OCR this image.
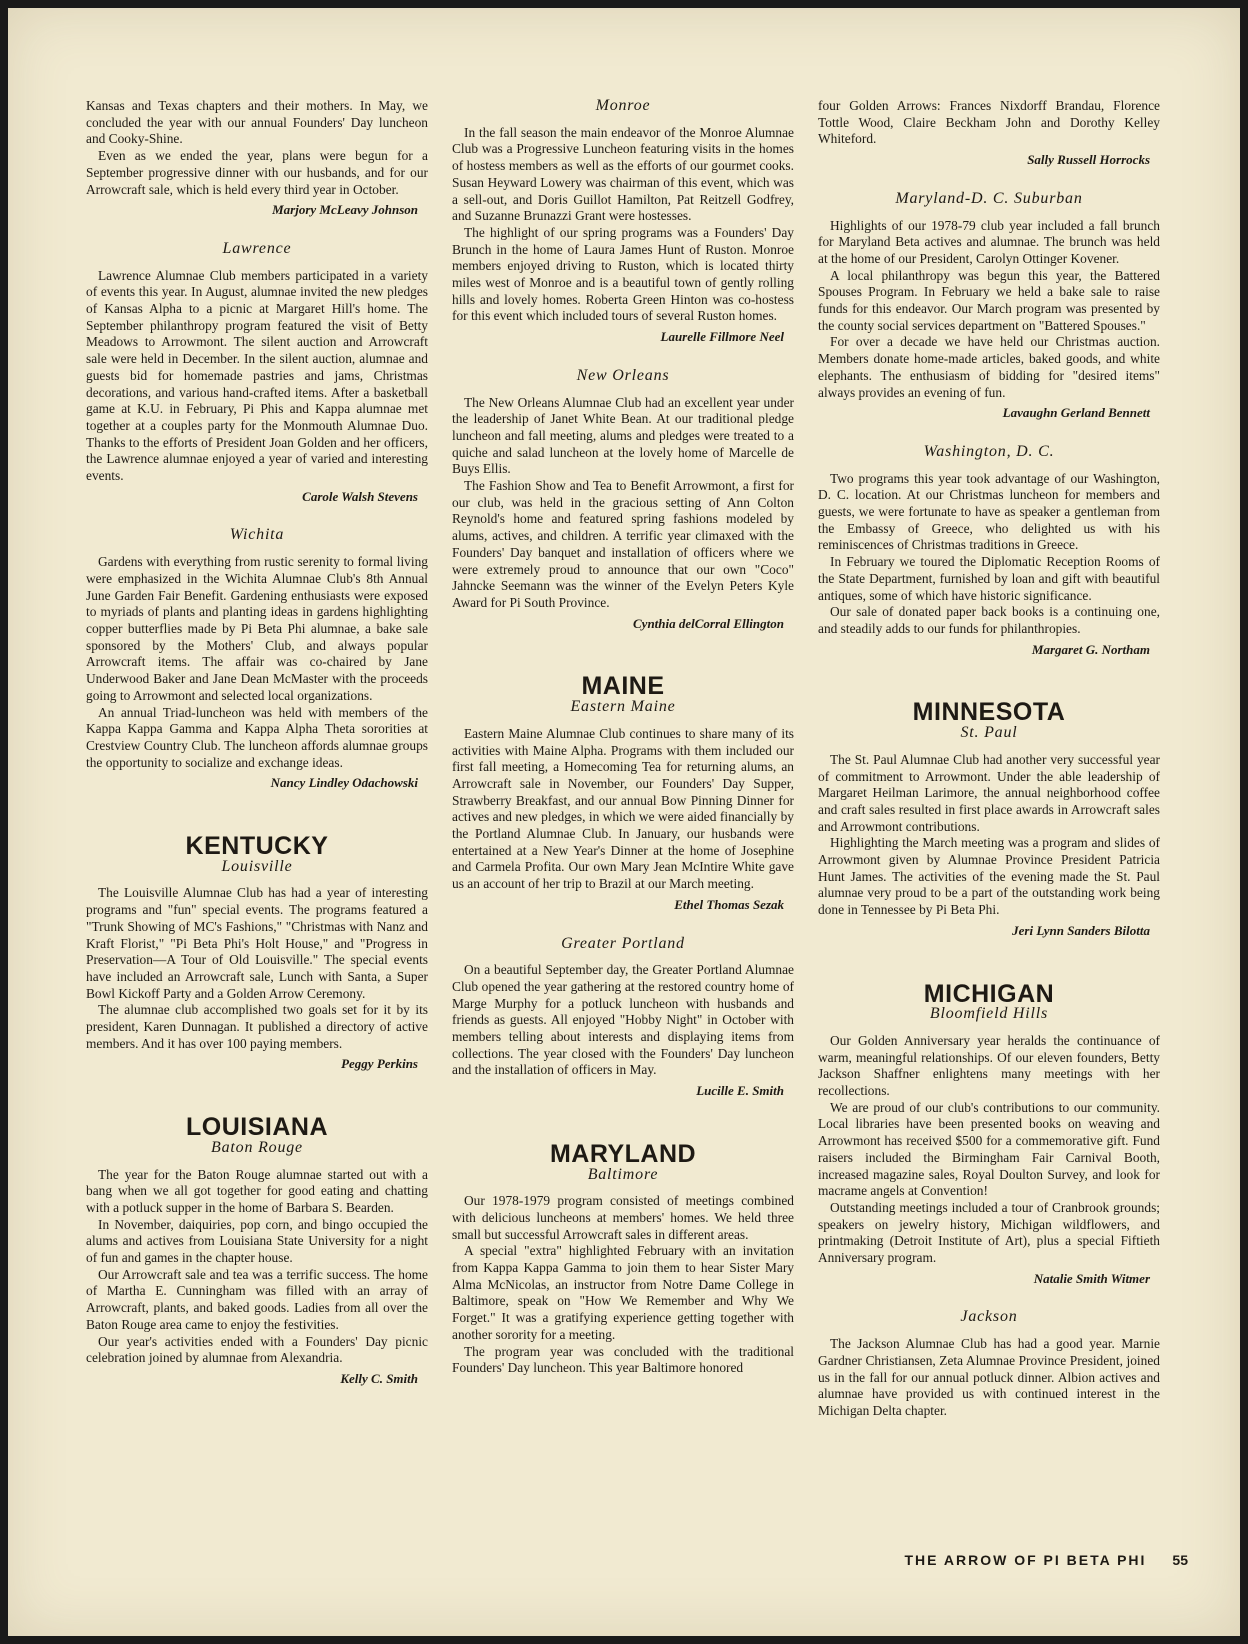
Kansas and Texas chapters and their mothers. In May, we concluded the year with our annual Founders' Day luncheon and Cooky-Shine.

Even as we ended the year, plans were begun for a September progressive dinner with our husbands, and for our Arrowcraft sale, which is held every third year in October.

Marjory McLeavy Johnson
Lawrence

Lawrence Alumnae Club members participated in a variety of events this year. In August, alumnae invited the new pledges of Kansas Alpha to a picnic at Margaret Hill's home. The September philanthropy program featured the visit of Betty Meadows to Arrowmont. The silent auction and Arrowcraft sale were held in December. In the silent auction, alumnae and guests bid for homemade pastries and jams, Christmas decorations, and various hand-crafted items. After a basketball game at K.U. in February, Pi Phis and Kappa alumnae met together at a couples party for the Monmouth Alumnae Duo. Thanks to the efforts of President Joan Golden and her officers, the Lawrence alumnae enjoyed a year of varied and interesting events.

Carole Walsh Stevens
Wichita

Gardens with everything from rustic serenity to formal living were emphasized in the Wichita Alumnae Club's 8th Annual June Garden Fair Benefit. Gardening enthusiasts were exposed to myriads of plants and planting ideas in gardens highlighting copper butterflies made by Pi Beta Phi alumnae, a bake sale sponsored by the Mothers' Club, and always popular Arrowcraft items. The affair was co-chaired by Jane Underwood Baker and Jane Dean McMaster with the proceeds going to Arrowmont and selected local organizations.

An annual Triad-luncheon was held with members of the Kappa Kappa Gamma and Kappa Alpha Theta sororities at Crestview Country Club. The luncheon affords alumnae groups the opportunity to socialize and exchange ideas.

Nancy Lindley Odachowski
KENTUCKY
Louisville

The Louisville Alumnae Club has had a year of interesting programs and "fun" special events. The programs featured a "Trunk Showing of MC's Fashions," "Christmas with Nanz and Kraft Florist," "Pi Beta Phi's Holt House," and "Progress in Preservation—A Tour of Old Louisville." The special events have included an Arrowcraft sale, Lunch with Santa, a Super Bowl Kickoff Party and a Golden Arrow Ceremony.

The alumnae club accomplished two goals set for it by its president, Karen Dunnagan. It published a directory of active members. And it has over 100 paying members.

Peggy Perkins
LOUISIANA
Baton Rouge

The year for the Baton Rouge alumnae started out with a bang when we all got together for good eating and chatting with a potluck supper in the home of Barbara S. Bearden.

In November, daiquiries, pop corn, and bingo occupied the alums and actives from Louisiana State University for a night of fun and games in the chapter house.

Our Arrowcraft sale and tea was a terrific success. The home of Martha E. Cunningham was filled with an array of Arrowcraft, plants, and baked goods. Ladies from all over the Baton Rouge area came to enjoy the festivities.

Our year's activities ended with a Founders' Day picnic celebration joined by alumnae from Alexandria.

Kelly C. Smith
Monroe

In the fall season the main endeavor of the Monroe Alumnae Club was a Progressive Luncheon featuring visits in the homes of hostess members as well as the efforts of our gourmet cooks. Susan Heyward Lowery was chairman of this event, which was a sell-out, and Doris Guillot Hamilton, Pat Reitzell Godfrey, and Suzanne Brunazzi Grant were hostesses.

The highlight of our spring programs was a Founders' Day Brunch in the home of Laura James Hunt of Ruston. Monroe members enjoyed driving to Ruston, which is located thirty miles west of Monroe and is a beautiful town of gently rolling hills and lovely homes. Roberta Green Hinton was co-hostess for this event which included tours of several Ruston homes.

Laurelle Fillmore Neel
New Orleans

The New Orleans Alumnae Club had an excellent year under the leadership of Janet White Bean. At our traditional pledge luncheon and fall meeting, alums and pledges were treated to a quiche and salad luncheon at the lovely home of Marcelle de Buys Ellis.

The Fashion Show and Tea to Benefit Arrowmont, a first for our club, was held in the gracious setting of Ann Colton Reynold's home and featured spring fashions modeled by alums, actives, and children. A terrific year climaxed with the Founders' Day banquet and installation of officers where we were extremely proud to announce that our own "Coco" Jahncke Seemann was the winner of the Evelyn Peters Kyle Award for Pi South Province.

Cynthia delCorral Ellington
MAINE
Eastern Maine

Eastern Maine Alumnae Club continues to share many of its activities with Maine Alpha. Programs with them included our first fall meeting, a Homecoming Tea for returning alums, an Arrowcraft sale in November, our Founders' Day Supper, Strawberry Breakfast, and our annual Bow Pinning Dinner for actives and new pledges, in which we were aided financially by the Portland Alumnae Club. In January, our husbands were entertained at a New Year's Dinner at the home of Josephine and Carmela Profita. Our own Mary Jean McIntire White gave us an account of her trip to Brazil at our March meeting.

Ethel Thomas Sezak
Greater Portland

On a beautiful September day, the Greater Portland Alumnae Club opened the year gathering at the restored country home of Marge Murphy for a potluck luncheon with husbands and friends as guests. All enjoyed "Hobby Night" in October with members telling about interests and displaying items from collections. The year closed with the Founders' Day luncheon and the installation of officers in May.

Lucille E. Smith
MARYLAND
Baltimore

Our 1978-1979 program consisted of meetings combined with delicious luncheons at members' homes. We held three small but successful Arrowcraft sales in different areas.

A special "extra" highlighted February with an invitation from Kappa Kappa Gamma to join them to hear Sister Mary Alma McNicolas, an instructor from Notre Dame College in Baltimore, speak on "How We Remember and Why We Forget." It was a gratifying experience getting together with another sorority for a meeting.

The program year was concluded with the traditional Founders' Day luncheon. This year Baltimore honored

four Golden Arrows: Frances Nixdorff Brandau, Florence Tottle Wood, Claire Beckham John and Dorothy Kelley Whiteford.

Sally Russell Horrocks
Maryland-D. C. Suburban

Highlights of our 1978-79 club year included a fall brunch for Maryland Beta actives and alumnae. The brunch was held at the home of our President, Carolyn Ottinger Kovener.

A local philanthropy was begun this year, the Battered Spouses Program. In February we held a bake sale to raise funds for this endeavor. Our March program was presented by the county social services department on "Battered Spouses."

For over a decade we have held our Christmas auction. Members donate home-made articles, baked goods, and white elephants. The enthusiasm of bidding for "desired items" always provides an evening of fun.

Lavaughn Gerland Bennett
Washington, D. C.

Two programs this year took advantage of our Washington, D. C. location. At our Christmas luncheon for members and guests, we were fortunate to have as speaker a gentleman from the Embassy of Greece, who delighted us with his reminiscences of Christmas traditions in Greece.

In February we toured the Diplomatic Reception Rooms of the State Department, furnished by loan and gift with beautiful antiques, some of which have historic significance.

Our sale of donated paper back books is a continuing one, and steadily adds to our funds for philanthropies.

Margaret G. Northam
MINNESOTA
St. Paul

The St. Paul Alumnae Club had another very successful year of commitment to Arrowmont. Under the able leadership of Margaret Heilman Larimore, the annual neighborhood coffee and craft sales resulted in first place awards in Arrowcraft sales and Arrowmont contributions.

Highlighting the March meeting was a program and slides of Arrowmont given by Alumnae Province President Patricia Hunt James. The activities of the evening made the St. Paul alumnae very proud to be a part of the outstanding work being done in Tennessee by Pi Beta Phi.

Jeri Lynn Sanders Bilotta
MICHIGAN
Bloomfield Hills

Our Golden Anniversary year heralds the continuance of warm, meaningful relationships. Of our eleven founders, Betty Jackson Shaffner enlightens many meetings with her recollections.

We are proud of our club's contributions to our community. Local libraries have been presented books on weaving and Arrowmont has received $500 for a commemorative gift. Fund raisers included the Birmingham Fair Carnival Booth, increased magazine sales, Royal Doulton Survey, and look for macrame angels at Convention!

Outstanding meetings included a tour of Cranbrook grounds; speakers on jewelry history, Michigan wildflowers, and printmaking (Detroit Institute of Art), plus a special Fiftieth Anniversary program.

Natalie Smith Witmer
Jackson

The Jackson Alumnae Club has had a good year. Marnie Gardner Christiansen, Zeta Alumnae Province President, joined us in the fall for our annual potluck dinner. Albion actives and alumnae have provided us with continued interest in the Michigan Delta chapter.

THE ARROW OF PI BETA PHI 55
